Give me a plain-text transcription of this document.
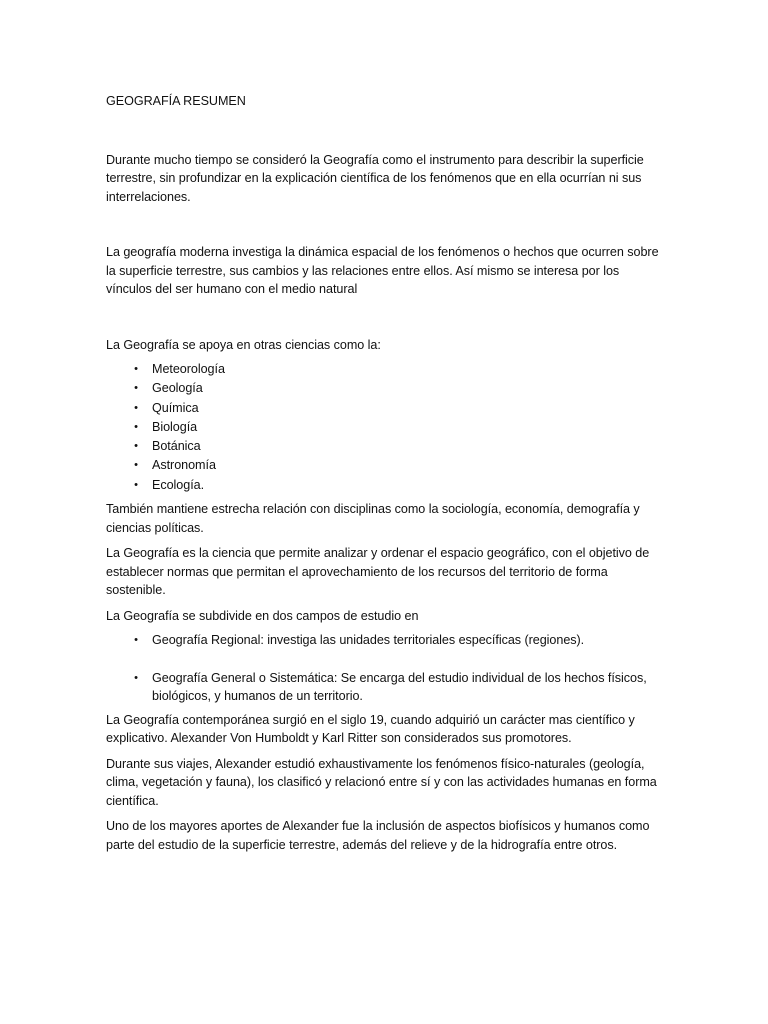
GEOGRAFÍA RESUMEN

Durante mucho tiempo se consideró la Geografía como el instrumento para describir la superficie terrestre, sin profundizar en la explicación científica de los fenómenos que en ella ocurrían ni sus interrelaciones.

La geografía moderna investiga la dinámica espacial de los fenómenos o hechos que ocurren sobre la superficie terrestre, sus cambios y las relaciones entre ellos. Así mismo se interesa por los vínculos del ser humano con el medio natural

La Geografía se apoya en otras ciencias como la:

•	Meteorología
•	Geología
•	Química
•	Biología
•	Botánica
•	Astronomía
•	Ecología.

También mantiene estrecha relación con disciplinas como la sociología, economía, demografía y ciencias políticas.

La Geografía es la ciencia que permite analizar y ordenar el espacio geográfico, con el objetivo de establecer normas que permitan el aprovechamiento de los recursos del territorio de forma sostenible.

La Geografía se subdivide en dos campos de estudio en

•	Geografía Regional: investiga las unidades territoriales específicas (regiones).
•	Geografía General o Sistemática: Se encarga del estudio individual de los hechos físicos, biológicos, y humanos de un territorio.

La Geografía contemporánea surgió en el siglo 19, cuando adquirió un carácter mas científico y explicativo. Alexander Von Humboldt y Karl Ritter son considerados sus promotores.

Durante sus viajes, Alexander estudió exhaustivamente los fenómenos físico-naturales (geología, clima, vegetación y fauna), los clasificó y relacionó entre sí y con las actividades humanas en forma científica.

Uno de los mayores aportes de Alexander fue la inclusión de aspectos biofísicos y humanos como parte del estudio de la superficie terrestre, además del relieve y de la hidrografía entre otros.
